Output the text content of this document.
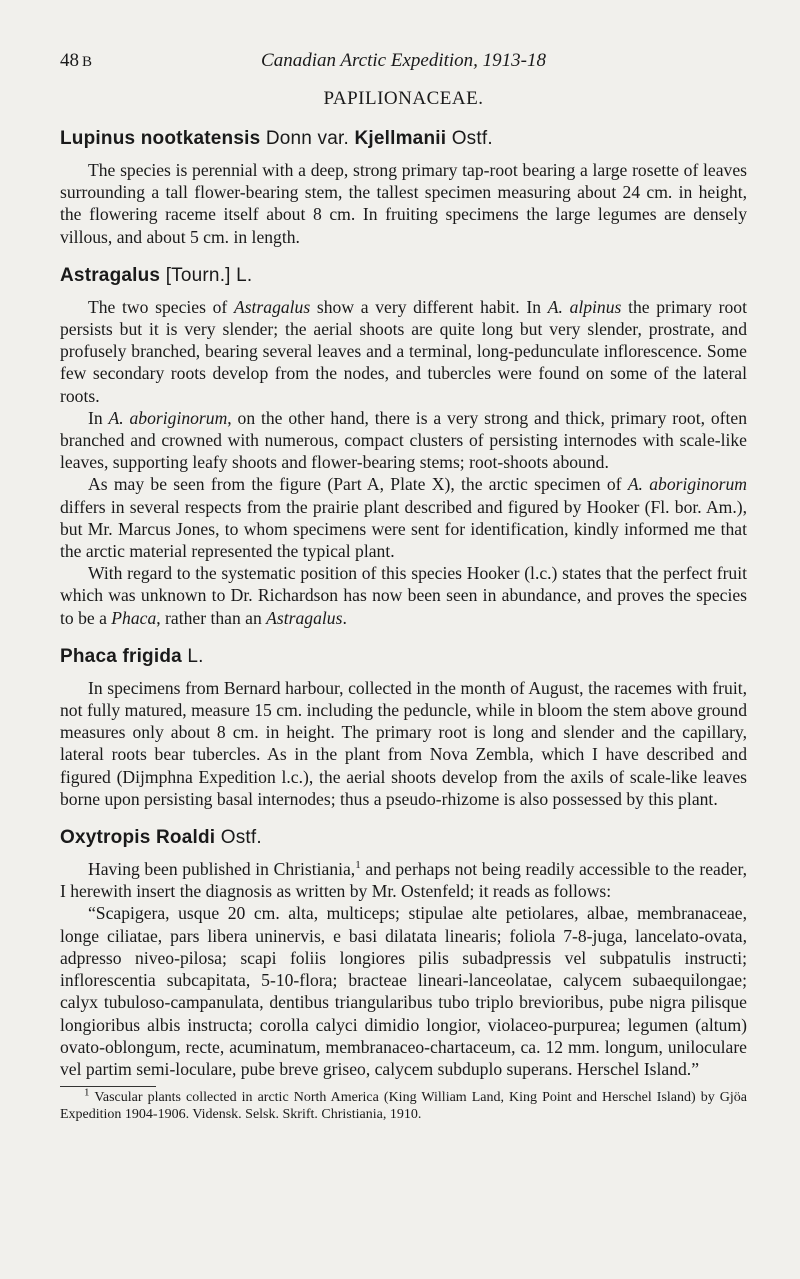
48 B	Canadian Arctic Expedition, 1913-18
PAPILIONACEAE.
Lupinus nootkatensis Donn var. Kjellmanii Ostf.

The species is perennial with a deep, strong primary tap-root bearing a large rosette of leaves surrounding a tall flower-bearing stem, the tallest specimen measuring about 24 cm. in height, the flowering raceme itself about 8 cm. In fruiting specimens the large legumes are densely villous, and about 5 cm. in length.

Astragalus [Tourn.] L.

The two species of Astragalus show a very different habit. In A. alpinus the primary root persists but it is very slender; the aerial shoots are quite long but very slender, prostrate, and profusely branched, bearing several leaves and a terminal, long-pedunculate inflorescence. Some few secondary roots develop from the nodes, and tubercles were found on some of the lateral roots.

In A. aboriginorum, on the other hand, there is a very strong and thick, primary root, often branched and crowned with numerous, compact clusters of persisting internodes with scale-like leaves, supporting leafy shoots and flower-bearing stems; root-shoots abound.

As may be seen from the figure (Part A, Plate X), the arctic specimen of A. aboriginorum differs in several respects from the prairie plant described and figured by Hooker (Fl. bor. Am.), but Mr. Marcus Jones, to whom specimens were sent for identification, kindly informed me that the arctic material represented the typical plant.

With regard to the systematic position of this species Hooker (l.c.) states that the perfect fruit which was unknown to Dr. Richardson has now been seen in abundance, and proves the species to be a Phaca, rather than an Astragalus.

Phaca frigida L.

In specimens from Bernard harbour, collected in the month of August, the racemes with fruit, not fully matured, measure 15 cm. including the peduncle, while in bloom the stem above ground measures only about 8 cm. in height. The primary root is long and slender and the capillary, lateral roots bear tubercles. As in the plant from Nova Zembla, which I have described and figured (Dijmphna Expedition l.c.), the aerial shoots develop from the axils of scale-like leaves borne upon persisting basal internodes; thus a pseudo-rhizome is also possessed by this plant.

Oxytropis Roaldi Ostf.

Having been published in Christiania,$^1$ and perhaps not being readily accessible to the reader, I herewith insert the diagnosis as written by Mr. Ostenfeld; it reads as follows:

“Scapigera, usque 20 cm. alta, multiceps; stipulae alte petiolares, albae, membranaceae, longe ciliatae, pars libera uninervis, e basi dilatata linearis; foliola 7-8-juga, lancelato-ovata, adpresso niveo-pilosa; scapi foliis longiores pilis subadpressis vel subpatulis instructi; inflorescentia subcapitata, 5-10-flora; bracteae lineari-lanceolatae, calycem subaequilongae; calyx tubuloso-campanulata, dentibus triangularibus tubo triplo brevioribus, pube nigra pilisque longioribus albis instructa; corolla calyci dimidio longior, violaceo-purpurea; legumen (altum) ovato-oblongum, recte, acuminatum, membranaceo-chartaceum, ca. 12 mm. longum, uniloculare vel partim semi-loculare, pube breve griseo, calycem subduplo superans. Herschel Island.”

$^1$ Vascular plants collected in arctic North America (King William Land, King Point and Herschel Island) by Gjöa Expedition 1904-1906. Vidensk. Selsk. Skrift. Christiania, 1910.
